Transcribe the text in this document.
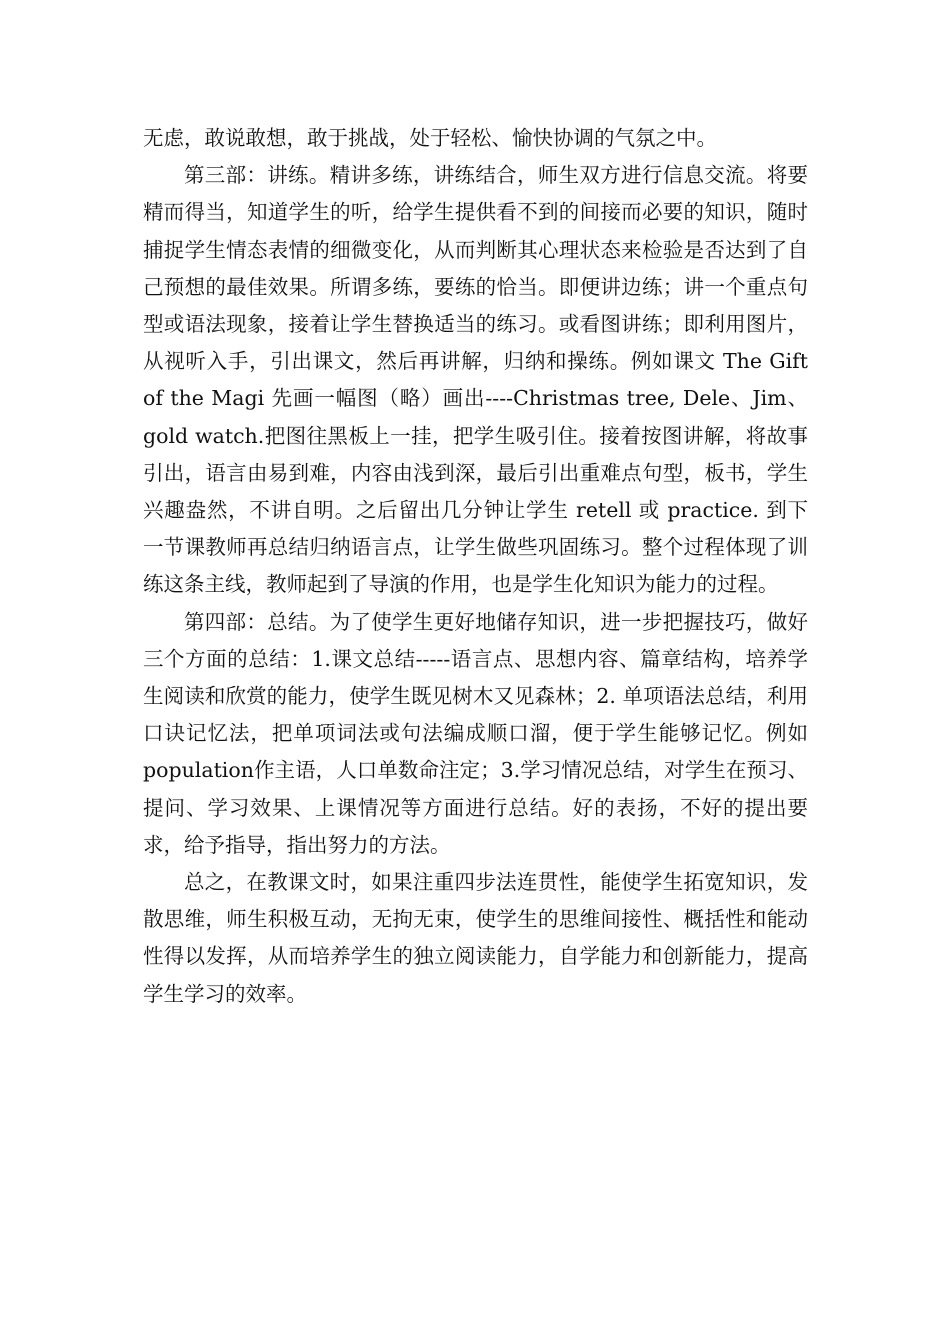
无虑，敢说敢想，敢于挑战，处于轻松、愉快协调的气氛之中。

第三部：讲练。精讲多练，讲练结合，师生双方进行信息交流。将要精而得当，知道学生的听，给学生提供看不到的间接而必要的知识，随时捕捉学生情态表情的细微变化，从而判断其心理状态来检验是否达到了自己预想的最佳效果。所谓多练，要练的恰当。即便讲边练；讲一个重点句型或语法现象，接着让学生替换适当的练习。或看图讲练；即利用图片，从视听入手，引出课文，然后再讲解，归纳和操练。例如课文 The Gift of the Magi 先画一幅图（略）画出----Christmas tree, Dele、Jim、gold watch.把图往黑板上一挂，把学生吸引住。接着按图讲解，将故事引出，语言由易到难，内容由浅到深，最后引出重难点句型，板书，学生兴趣盎然，不讲自明。之后留出几分钟让学生 retell 或 practice. 到下一节课教师再总结归纳语言点，让学生做些巩固练习。整个过程体现了训练这条主线，教师起到了导演的作用，也是学生化知识为能力的过程。

第四部：总结。为了使学生更好地储存知识，进一步把握技巧，做好三个方面的总结：1.课文总结-----语言点、思想内容、篇章结构，培养学生阅读和欣赏的能力，使学生既见树木又见森林；2. 单项语法总结，利用口诀记忆法，把单项词法或句法编成顺口溜，便于学生能够记忆。例如population作主语，人口单数命注定；3.学习情况总结，对学生在预习、提问、学习效果、上课情况等方面进行总结。好的表扬，不好的提出要求，给予指导，指出努力的方法。

总之，在教课文时，如果注重四步法连贯性，能使学生拓宽知识，发散思维，师生积极互动，无拘无束，使学生的思维间接性、概括性和能动性得以发挥，从而培养学生的独立阅读能力，自学能力和创新能力，提高学生学习的效率。
